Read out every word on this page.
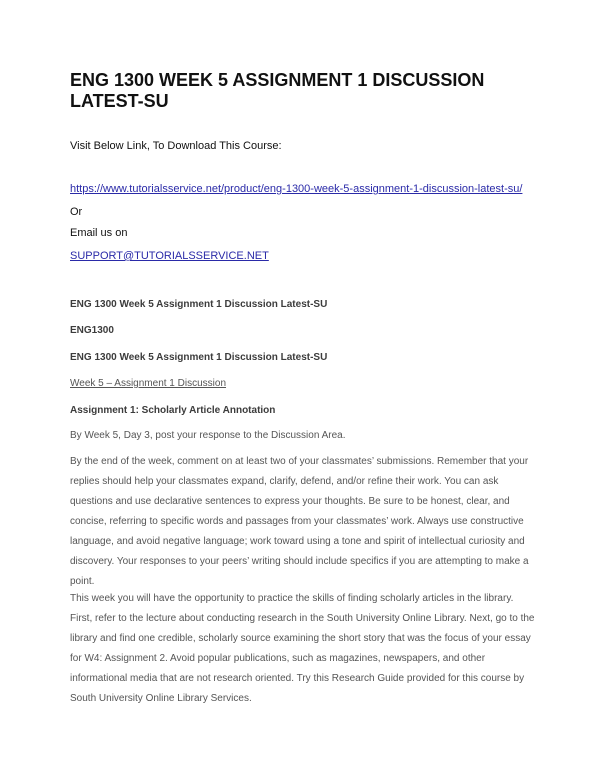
ENG 1300 WEEK 5 ASSIGNMENT 1 DISCUSSION LATEST-SU

Visit Below Link, To Download This Course:

https://www.tutorialsservice.net/product/eng-1300-week-5-assignment-1-discussion-latest-su/

Or

Email us on

SUPPORT@TUTORIALSSERVICE.NET

ENG 1300 Week 5 Assignment 1 Discussion Latest-SU

ENG1300

ENG 1300 Week 5 Assignment 1 Discussion Latest-SU

Week 5 – Assignment 1 Discussion

Assignment 1: Scholarly Article Annotation

By Week 5, Day 3, post your response to the Discussion Area.

By the end of the week, comment on at least two of your classmates’ submissions. Remember that your replies should help your classmates expand, clarify, defend, and/or refine their work. You can ask questions and use declarative sentences to express your thoughts. Be sure to be honest, clear, and concise, referring to specific words and passages from your classmates’ work. Always use constructive language, and avoid negative language; work toward using a tone and spirit of intellectual curiosity and discovery. Your responses to your peers’ writing should include specifics if you are attempting to make a point.

This week you will have the opportunity to practice the skills of finding scholarly articles in the library. First, refer to the lecture about conducting research in the South University Online Library. Next, go to the library and find one credible, scholarly source examining the short story that was the focus of your essay for W4: Assignment 2. Avoid popular publications, such as magazines, newspapers, and other informational media that are not research oriented. Try this Research Guide provided for this course by South University Online Library Services.
